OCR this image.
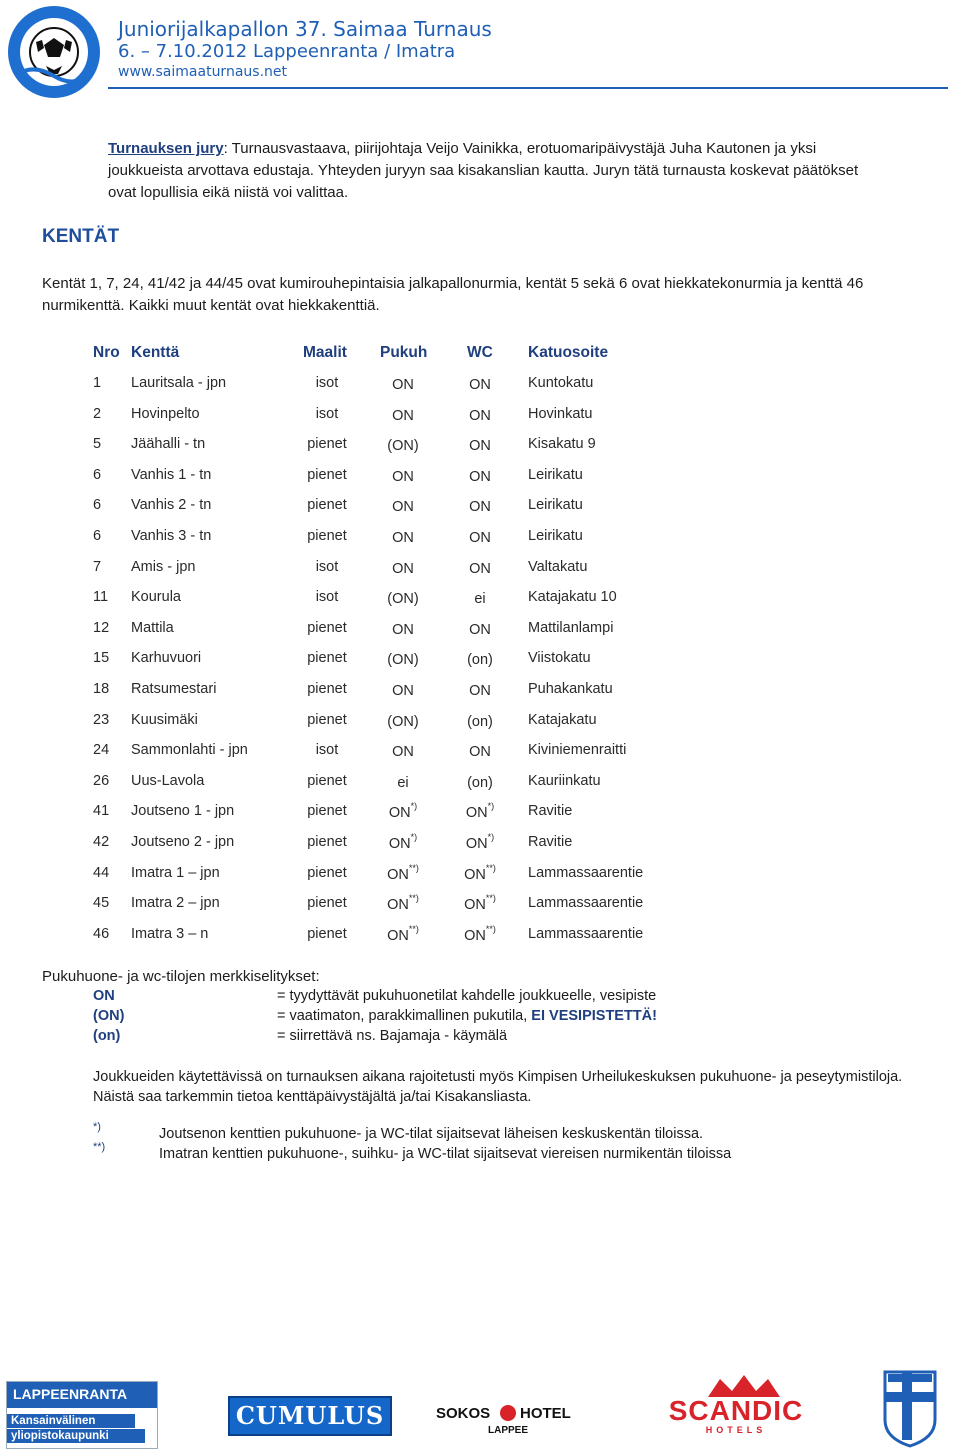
Juniorijalkapallon 37. Saimaa Turnaus
6. – 7.10.2012 Lappeenranta / Imatra
www.saimaaturnaus.net
Turnauksen jury: Turnausvastaava, piirijohtaja Veijo Vainikka, erotuomaripäivystäjä Juha Kautonen ja yksi
joukkueista arvottava edustaja. Yhteyden juryyn saa kisakanslian kautta. Juryn tätä turnausta koskevat päätökset
ovat lopullisia eikä niistä voi valittaa.
KENTÄT
Kentät 1, 7, 24, 41/42 ja 44/45 ovat kumirouhepintaisia jalkapallonurmia, kentät 5 sekä 6 ovat hiekkatekonurmia ja kenttä 46
nurmikenttä. Kaikki muut kentät ovat hiekkakenttiä.
Nro Kenttä	Maalit Pukuh	WC Katuosoite
1 Lauritsala - jpn	isot	ON	ON	Kuntokatu
2 Hovinpelto	isot	ON	ON	Hovinkatu
5 Jäähalli - tn	pienet	(ON)	ON	Kisakatu 9
6 Vanhis 1 - tn	pienet	ON	ON	Leirikatu
6 Vanhis 2 - tn	pienet	ON	ON	Leirikatu
6 Vanhis 3 - tn	pienet	ON	ON	Leirikatu
7 Amis - jpn	isot	ON	ON	Valtakatu
11 Kourula	isot	(ON)	ei	Katajakatu 10
12 Mattila	pienet	ON	ON	Mattilanlampi
15 Karhuvuori	pienet	(ON)	(on)	Viistokatu
18 Ratsumestari	pienet	ON	ON	Puhakankatu
23 Kuusimäki	pienet	(ON)	(on)	Katajakatu
24 Sammonlahti - jpn	isot	ON	ON	Kiviniemenraitti
26 Uus-Lavola	pienet	ei	(on)	Kauriinkatu
41 Joutseno 1 - jpn	pienet	ON*)	ON*)	Ravitie
42 Joutseno 2 - jpn	pienet	ON*)	ON*)	Ravitie
44 Imatra 1 – jpn	pienet	ON**)	ON**)	Lammassaarentie
45 Imatra 2 – jpn	pienet	ON**)	ON**)	Lammassaarentie
46 Imatra 3 – n	pienet	ON**)	ON**)	Lammassaarentie
Pukuhuone- ja wc-tilojen merkkiselitykset:
ON	= tyydyttävät pukuhuonetilat kahdelle joukkueelle, vesipiste
(ON)	= vaatimaton, parakkimallinen pukutila, EI VESIPISTETTÄ!
(on)	= siirrettävä ns. Bajamaja - käymälä
Joukkueiden käytettävissä on turnauksen aikana rajoitetusti myös Kimpisen Urheilukeskuksen pukuhuone- ja peseytymistiloja.
Näistä saa tarkemmin tietoa kenttäpäivystäjältä ja/tai Kisakansliasta.
*)
**)
Joutsenon kenttien pukuhuone- ja WC-tilat sijaitsevat läheisen keskuskentän tiloissa.
Imatran kenttien pukuhuone-, suihku- ja WC-tilat sijaitsevat viereisen nurmikentän tiloissa
LAPPEENRANTA
Kansainvälinen
yliopistokaupunki
CUMULUS	SOKOS HOTEL
LAPPEE
SCANDIC
HOTELS
